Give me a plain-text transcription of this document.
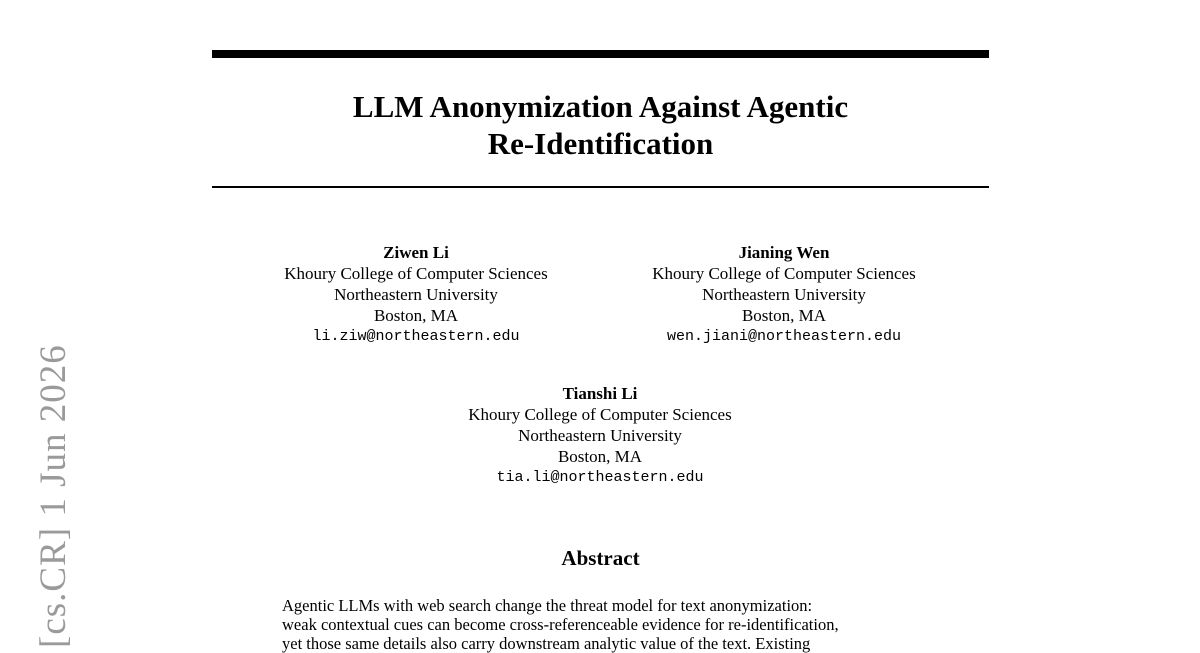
LLM Anonymization Against Agentic
Re-Identification
Ziwen Li
Khoury College of Computer Sciences
Northeastern University
Boston, MA
li.ziw@northeastern.edu
Jianing Wen
Khoury College of Computer Sciences
Northeastern University
Boston, MA
wen.jiani@northeastern.edu
Tianshi Li
Khoury College of Computer Sciences
Northeastern University
Boston, MA
tia.li@northeastern.edu
Abstract
Agentic LLMs with web search change the threat model for text anonymization:
weak contextual cues can become cross-referenceable evidence for re-identification,
yet those same details also carry downstream analytic value of the text. Existing
[cs.CR] 1 Jun 2026
